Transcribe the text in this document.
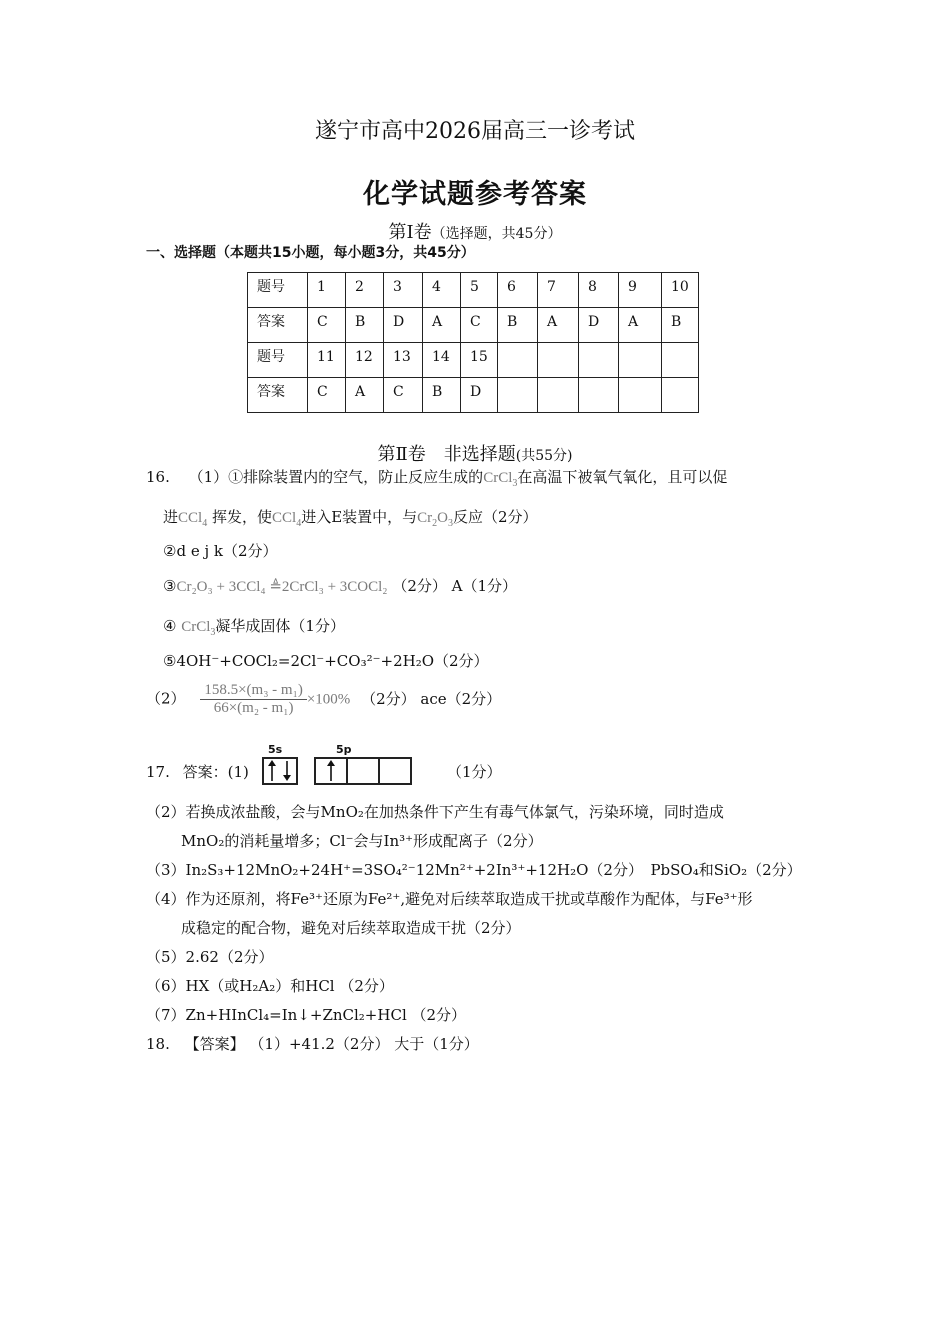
遂宁市高中2026届高三一诊考试
化学试题参考答案
第Ⅰ卷（选择题，共45分）
一、选择题（本题共15小题，每小题3分，共45分）
题号	1	2	3	4	5	6	7	8	9	10
答案	C	B	D	A	C	B	A	D	A	B
题号	11	12	13	14	15					
答案	C	A	C	B	D					
第Ⅱ卷　非选择题(共55分)
16. （1）①排除装置内的空气，防止反应生成的CrCl$_3$在高温下被氧气氧化，且可以促
进CCl$_4$ 挥发，使CCl$_4$进入E装置中，与$Cr_2O_3$反应（2分）
②d e j k（2分）
③Cr₂O₃ + 3CCl₄ ≜2CrCl₃ + 3COCl₂ （2分） A（1分）
④ CrCl$_3$凝华成固体（1分）
⑤4OH⁻+COCl₂=2Cl⁻+CO₃²⁻+2H₂O（2分）
$(2) \frac{\text{158.5×(m₃ - m₁)}}{\text{66×(m₂ - m₁)}} \times 100\%$ （2分） ace（2分）
17. 答案：(1)
5s	5p
（1分）
（2）若换成浓盐酸，会与MnO₂在加热条件下产生有毒气体氯气，污染环境，同时造成
MnO₂的消耗量增多；Cl⁻会与In³⁺形成配离子（2分）
（3）In₂S₃+12MnO₂+24H⁺=3SO₄²⁻12Mn²⁺+2In³⁺+12H₂O（2分）　PbSO₄和SiO₂（2分）
（4）作为还原剂，将Fe³⁺还原为Fe²⁺,避免对后续萃取造成干扰或草酸作为配体，与Fe³⁺形
成稳定的配合物，避免对后续萃取造成干扰（2分）
（5）2.62（2分）
（6）HX（或H₂A₂）和HCl （2分）
（7）Zn+HInCl₄=In↓+ZnCl₂+HCl （2分）
18. 【答案】 （1）+41.2（2分） 大于（1分）
